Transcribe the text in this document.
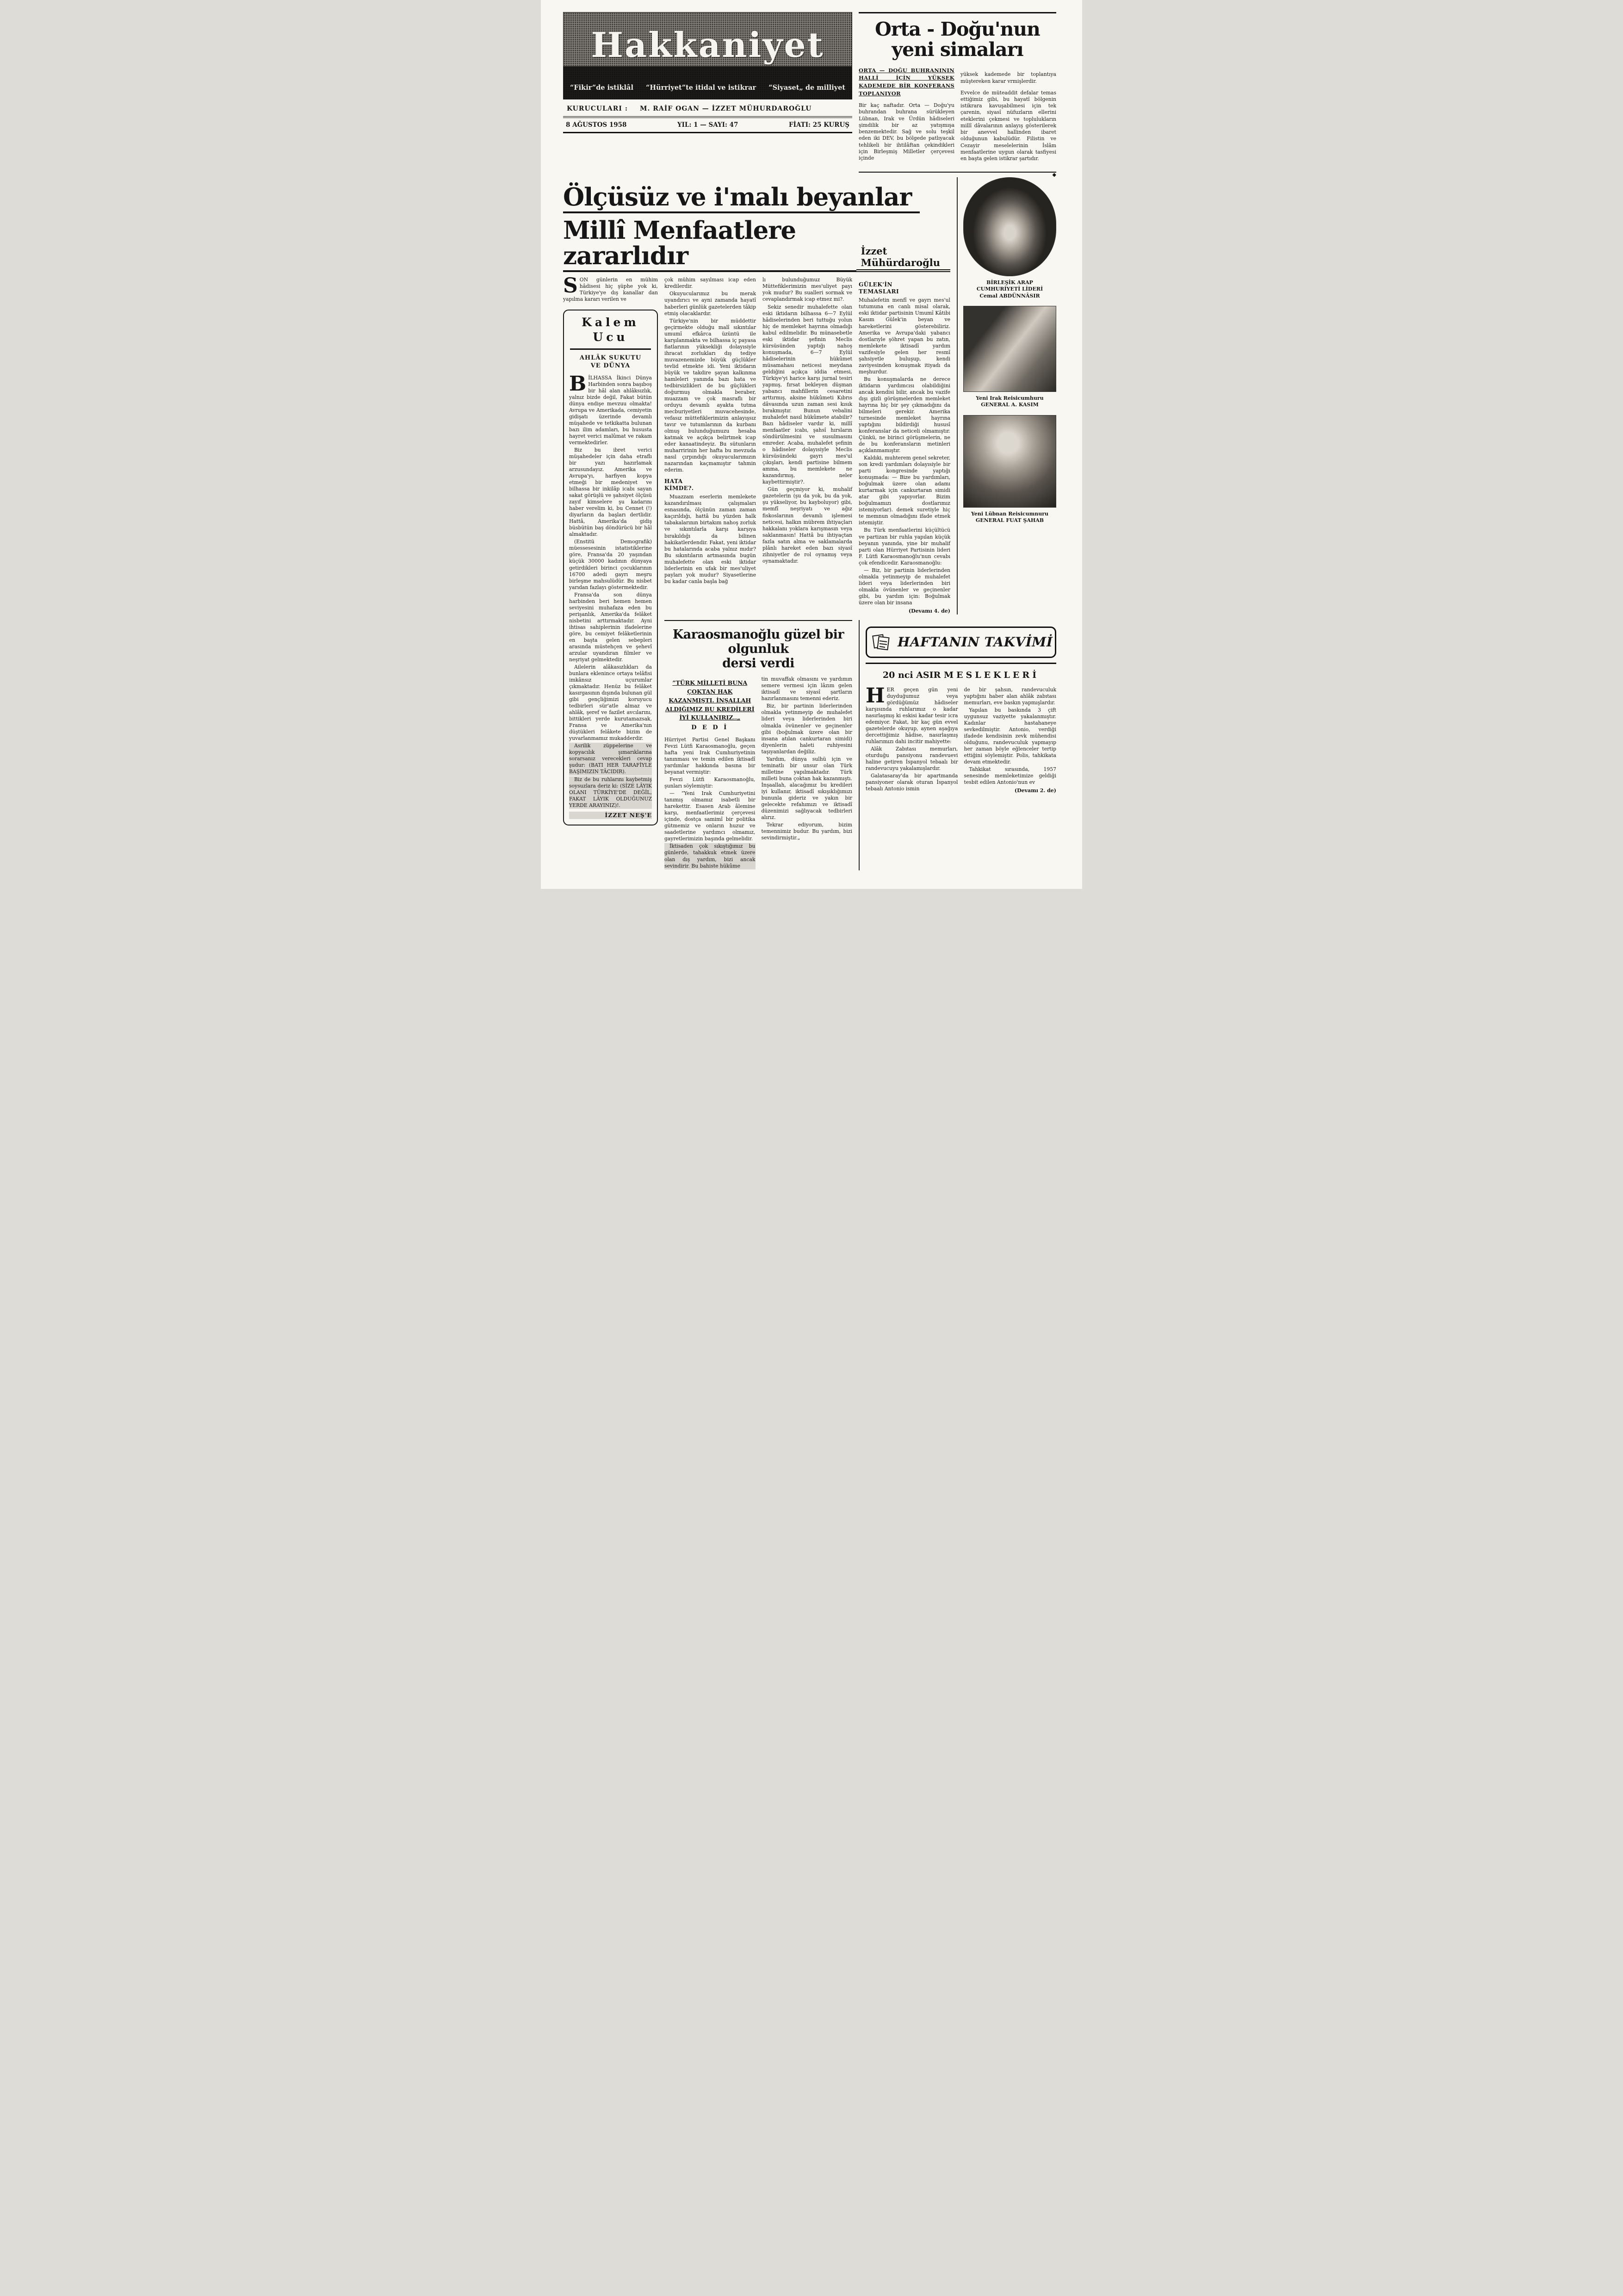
Hakkaniyet
“Fikir”de istiklâl “Hürriyet”te itidal ve istikrar “Siyaset„ de milliyet
KURUCULARI : M. RAİF OGAN — İZZET MÜHURDAROĞLU
8 AĞUSTOS 1958	YIL: 1 — SAYI: 47	FİATI: 25 KURUŞ
Orta - Doğu'nun
yeni simaları
ORTA — DOĞU BUHRANININ HALLİ İÇİN YÜKSEK KADEMEDE BİR KONFERANS TOPLANIYOR

Bir kaç naftadır. Orta — Doğu'yu buhrandan buhrana sürükleyen Lübnan, Irak ve Ürdün hâdiseleri şimdilik bir az yatışmışa benzemektedir. Sağ ve solu teşkil eden iki DEV, bu bölgede patlıyacak tehlikeli bir ihtilâftan çekindikleri için Birleşmiş Milletler çerçevesi içinde

yüksek kademede bir toplantıya müştereken karar vrmişlerdir.

Evvelce de müteaddit defalar temas ettiğimiz gibi, bu hayatî bölgenin istikrara kavuşabilmesi için tek çarenin, siyasî nüfuzların ellerini eteklerini çekmesi ve toplulukların millî dâvalarının anlayış gösterilerek bir anevvel hallinden ibaret olduğunun kabulüdür. Filistin ve Cezayir meselelerinin İslâm menfaatlerine uygun olarak tasfiyesi en başta gelen istikrar şartıdır.

◆
Ölçüsüz ve i'malı beyanlar
Millî Menfaatlere zararlıdır	İzzet Mühürdaroğlu

SON günlerin en mühim hâdisesi hiç şüphe yok ki, Türkiye'ye dış kanallar dan yapılma kararı verilen ve

Kalem Ucu
AHLÂK SUKUTU
VE DÜNYA

BİLHASSA İkinci Dünya Harbinden sonra başıboş bir hâl alan ahlâksızlık, yalnız bizde değil, Fakat bütün dünya endişe mevzuu olmakta! Avrupa ve Amerikada, cemiyetin gidişatı üzerinde devamlı müşahede ve tetkikatta bulunan bazı ilim adamları, bu hususta hayret verici malûmat ve rakam vermektedirler.

Biz bu ibret verici müşahedeler için daha etraflı bir yazı hazırlamak arzusundayız. Amerika ve Avrupa'yı, harfiyen kopya etmeği bir medeniyet ve bilhassa bir inkilâp icabı sayan sakat görüşlü ve şahsiyet ölçüsü zayıf kimselere şu kadarını haber verelim ki, bu Cennet (!) diyarların da başları dertlidir. Hattâ, Amerika'da gidiş büsbütün baş döndürücü bir hâl almaktadır.

(Enstitü Demografik) müessesesinin istatistiklerine göre, Fransa'da 20 yaşından küçük 30000 kadının dünyaya getirdikleri birinci çocuklarının 16700 adedi gayrı meşru birleşme mahsulüdür. Bu nisbet yarıdan fazlayı göstermektedir.

Fransa'da son dünya harbinden beri hemen hemen seviyesini muhafaza eden bu perişanlık, Amerika'da felâket nisbetini arttırmaktadır. Ayni ihtisas sahiplerinin ifadelerine göre, bu cemiyet felâketlerinin en başta gelen sebepleri arasında müstehçen ve şehevî arzular uyandıran filmler ve neşriyat gelmektedir.

Ailelerin alâkasızlıkları da bunlara eklenince ortaya telâfisi imkânsız uçurumlar çıkmaktadır. Henüz bu felâket kasırgasının dışında bulunan gül gibi gençliğimizi koruyucu tedbirleri sür'atle almaz ve ahlâk, şeref ve fazilet avcılarını, bittikleri yerde kurutamazsak, Fransa ve Amerika'nın düştükleri felâkete bizim de yuvarlanmamız mukadderdir.

Asrilik züppelerine ve kopyacılık şımarıklarına sorarsanız verecekleri cevap şudur: (BATI HER TARAFİYLE BAŞIMIZIN TÂCIDIR).

Biz de bu ruhlarını kaybetmiş soysuzlara deriz ki: (SİZE LÂYIK OLANI TÜRKİYE'DE DEĞİL, FAKAT LÂYIK OLDUĞUNUZ YERDE ARAYINIZ)!.

İZZET NEŞ'E

çok mühim sayılması icap eden kredilerdir.

Okuyucularımız bu merak uyandırıcı ve ayni zamanda hayatî haberleri günlük gazetelerden tâkip etmiş olacaklardır.

Türkiye'nin bir müddettir geçirmekte olduğu malî sıkıntılar umumî efkârca üzüntü ile karşılanmakta ve bilhassa iç payasa fiatlarının yüksekliği dolayısiyle ihracat zorlukları dış tediye muvazenemizde büyük güçlükler tevlid etmekte idi. Yeni iktidarın büyük ve takdire şayan kalkınma hamleleri yanında bazı hata ve tedbirsizlikleri de bu güçlükleri doğurmuş olmakla beraber, muazzam ve çok masraflı bir orduyu devamlı ayakta tutma mecburiyetleri muvacehesinde, vefasız müttefiklerimizin anlayışsız tavır ve tutumlarının da kurbanı olmuş bulunduğumuzu hesaba katmak ve açıkça belirtmek icap eder kanaatindeyiz. Bu sütunların muharririnin her hafta bu mevzuda nasıl çırpındığı okuyucularımızın nazarından kaçmamıştır tahmin ederim.

HATA
KİMDE?.

Muazzam eserlerin memlekete kazandırılması çalışmaları esnasında, ölçünün zaman zaman kaçırıldığı, hattâ bu yüzden halk tabakalarının birtakım nahoş zorluk ve sıkıntılarla karşı karşıya bırakıldığı da bilinen hakikatlerdendir. Fakat, yeni iktidar bu hatalarında acaba yalnız mıdır? Bu sıkıntıların artmasında bugün muhalefette olan eski iktidar liderlerinin en ufak bir mes'uliyet payları yok mudur? Siyasetlerine bu kadar canla başla bağ

lı bulunduğumuz Büyük Müttefiklerimizin mes'uliyet payı yok mudur? Bu sualleri sormak ve cevaplandırmak icap etmez mi?.

Sekiz senedir muhalefette olan eski iktidarın bilhassa 6—7 Eylül hâdiselerinden beri tuttuğu yolun hiç de memleket hayrına olmadığı kabul edilmelidir. Bu münasebetle eski iktidar şefinin Meclis kürsüsünden yaptığı nahoş konuşmada, 6—7 Eylül hâdiselerinin hükûmet müsamahası neticesi meydana geldiğini açıkça iddia etmesi, Türkiye'yi harice karşı jurnal tesiri yapmış, fırsat bekleyen düşman yabancı mahfillerin cesaretini arttırmış, aksine hükûmeti Kıbrıs dâvasında uzun zaman sesi kısık bırakmıştır. Bunun vebalini muhalefet nasıl hükûmete atabilir? Bazı hâdiseler vardır ki, millî menfaatler icabı, şahsî hırsların söndürülmesini ve susulmasını emreder. Acaba, muhalefet şefinin o hâdiseler dolayısiyle Meclis kürsüsündeki gayrı mes'ul çıkışları, kendi partisine bilmem amma, bu memlekete ne kazandırmış, neler kaybettirmiştir?.

Gün geçmiyor ki, muhalif gazetelerin (şu da yok, bu da yok, şu yükseliyor, bu kayboluyor) gibi, memfî neşriyatı ve ağız fiskoslarının devamlı işlemesi neticesi, halkın mübrem ihtiyaçları hakkalanı yoklara karışmasın veya saklanmasın! Hattâ bu ihtiyaçtan fazla satın alma ve saklamalarda plânlı hareket eden bazı siyasî zihniyetler de rol oynamış veya oynamaktadır.

GÜLEK'İN
TEMASLARI

Muhalefetin menfî ve gayrı mes'ul tutumuna en canlı misal olarak, eski iktidar partisinin Umumî Kâtibi Kasım Gülek'in beyan ve hareketlerini gösterebiliriz. Amerika ve Avrupa'daki yabancı dostlarıyle şöhret yapan bu zatın, memlekete iktisadî yardım vazifesiyle gelen her resmî şahsiyetle buluşup, kendi zaviyesinden konuşmak itiyadı da meşhurdur.

Bu konuşmalarda ne derece iktidarın yardımcısı olabildiğini ancak kendisi bilir, ancak bu vazife dışı gizli görüşmelerden memleket hayrına hiç bir şey çıkmadığını da bilmeleri gerekir. Amerika turnesinde memleket hayrına yaptığını bildirdiği hususî konferanslar da neticeli olmamıştır. Çünkü, ne birinci görüşmelerin, ne de bu konferansların metinleri açıklanmamıştır.

Kaldıki, muhterem genel sekreter, son kredi yardımları dolayısiyle bir parti kongresinde yaptığı konuşmada: — Bize bu yardımları, boğulmak üzere olan adamı kurtarmak için cankurtaran simidi atar gibi yapıyorlar. Bizim boğulmamızı dostlarımız istemiyorlar). demek suretiyle hiç te memnun olmadığını ifade etmek istemiştir.

Bu Türk menfaatlerini küçültücü ve partizan bir ruhla yapılan küçük beyanın yanında, yine bir muhalif parti olan Hürriyet Partisinin lideri F. Lütfi Karaosmanoğlu'nun cevabı çok efendicedir. Karaosmanoğlu:

— Biz, bir partinin liderlerinden olmakla yetinmeyip de muhalefet lideri veya liderlerinden biri olmakla övünenler ve geçinenler gibi, bu yardım için: Boğulmak üzere olan bir insana

(Devamı 4. de)
BİRLEŞİK ARAP
CUMHURİYETİ LİDERİ
Cemal ABDÜNNÂSIR
Yeni Irak Reisicumhuru
GENERAL A. KASIM
Yeni Lübnan Reisicumnuru
GENERAL FUAT ŞAHAB
Karaosmanoğlu güzel bir olgunluk
dersi verdi
”TÜRK MİLLETİ BUNA ÇOKTAN HAK KAZANMIŞTI. İNŞALLAH ALDIĞIMIZ BU KREDİLERİ İYİ KULLANIRIZ..„
D E D İ

Hürriyet Partisi Genel Başkanı Fevzi Lütfi Karaosmanoğlu, geçen hafta yeni Irak Cumhuriyetinin tanınması ve temin edilen iktisadî yardımlar hakkında basına bir beyanat vermiştir:

Fevzi Lütfi Karaosmanoğlu, şunları söylemiştir:

— ”Yeni Irak Cumhuriyetini tanımış olmamız isabetli bir harekettir. Esasen Arab âlemine karşı, menfaatlerimiz çerçevesi içinde, dostça samimî bir politika gütmemiz ve onların huzur ve saadetlerine yardımcı olmamız, gayretlerimizin başında gelmelidir.

İktisaden çok sıkıştığımız bu günlerde, tahakkuk etmek üzere olan dış yardım, bizi ancak sevindirir. Bu bahiste hükûme

tin muvaffak olmasını ve yardımın semere vermesi için lâzım gelen iktisadî ve siyasî şartların hazırlanmasını temenni ederiz.

Biz, bir partinin liderlerinden olmakla yetinmeyip de muhalefet lideri veya liderlerinden biri olmakla övünenler ve geçinenler gibi (boğulmak üzere olan bir insana atılan cankurtaran simidi) diyenlerin haleti ruhiyesini taşıyanlardan değiliz.

Yardım, dünya sulhü için ve teminatlı bir unsur olan Türk milletine yapılmaktadır. Türk milleti buna çoktan hak kazanmıştı. İnşaallah, alacağımız bu kredileri iyi kullanır, iktisadî sıkışıklığımızı bununla gideriz ve yakın bir gelecekte refahımızı ve iktisadî düzenimizi sağlıyacak tedbirleri alırız.

Tekrar ediyorum, bizim temennimiz budur. Bu yardım, bizi sevindirmiştir.„

HAFTANIN TAKVİMİ
20 nci ASIR MESLEKLERİ

HER geçen gün yeni duyduğumuz veya gördüğümüz hâdiseler karşısında ruhlarımız o kadar nasırlaşmış ki eskisi kadar tesir icra edemiyor. Fakat, bir kaç gün evvel gazetelerde okuyup, aynen aşağıya dercettiğimiz hâdise, nasırlaşmış ruhlarımızı dahi incitir mahiyette:

Alâk Zabıtası memurları, oturduğu pansiyonu randevuevi haline getiren İspanyol tebaalı bir randevucuyu yakalamışlardır.

Galatasaray'da bir apartmanda pansiyoner olarak oturan İspanyol tebaalı Antonio ismin

de bir şahsın, randevuculuk yaptığını haber alan ahlâk zabıtası memurları, eve baskın yapmışlardır.

Yapılan bu baskında 3 çift uygunsuz vaziyette yakalanmıştır. Kadınlar hastahaneye sevkedilmiştir. Antonio, verdiği ifadede kendisinin zevk mühendisi olduğunu, randevuculuk yapmayıp her zaman böyle eğlenceler tertip ettiğini söylemiştir. Polis, tahkikata devam etmektedir.

Tahkikat sırasında, 1957 senesinde memleketimize geldiği tesbit edilen Antonio'nun ev

(Devamı 2. de)
